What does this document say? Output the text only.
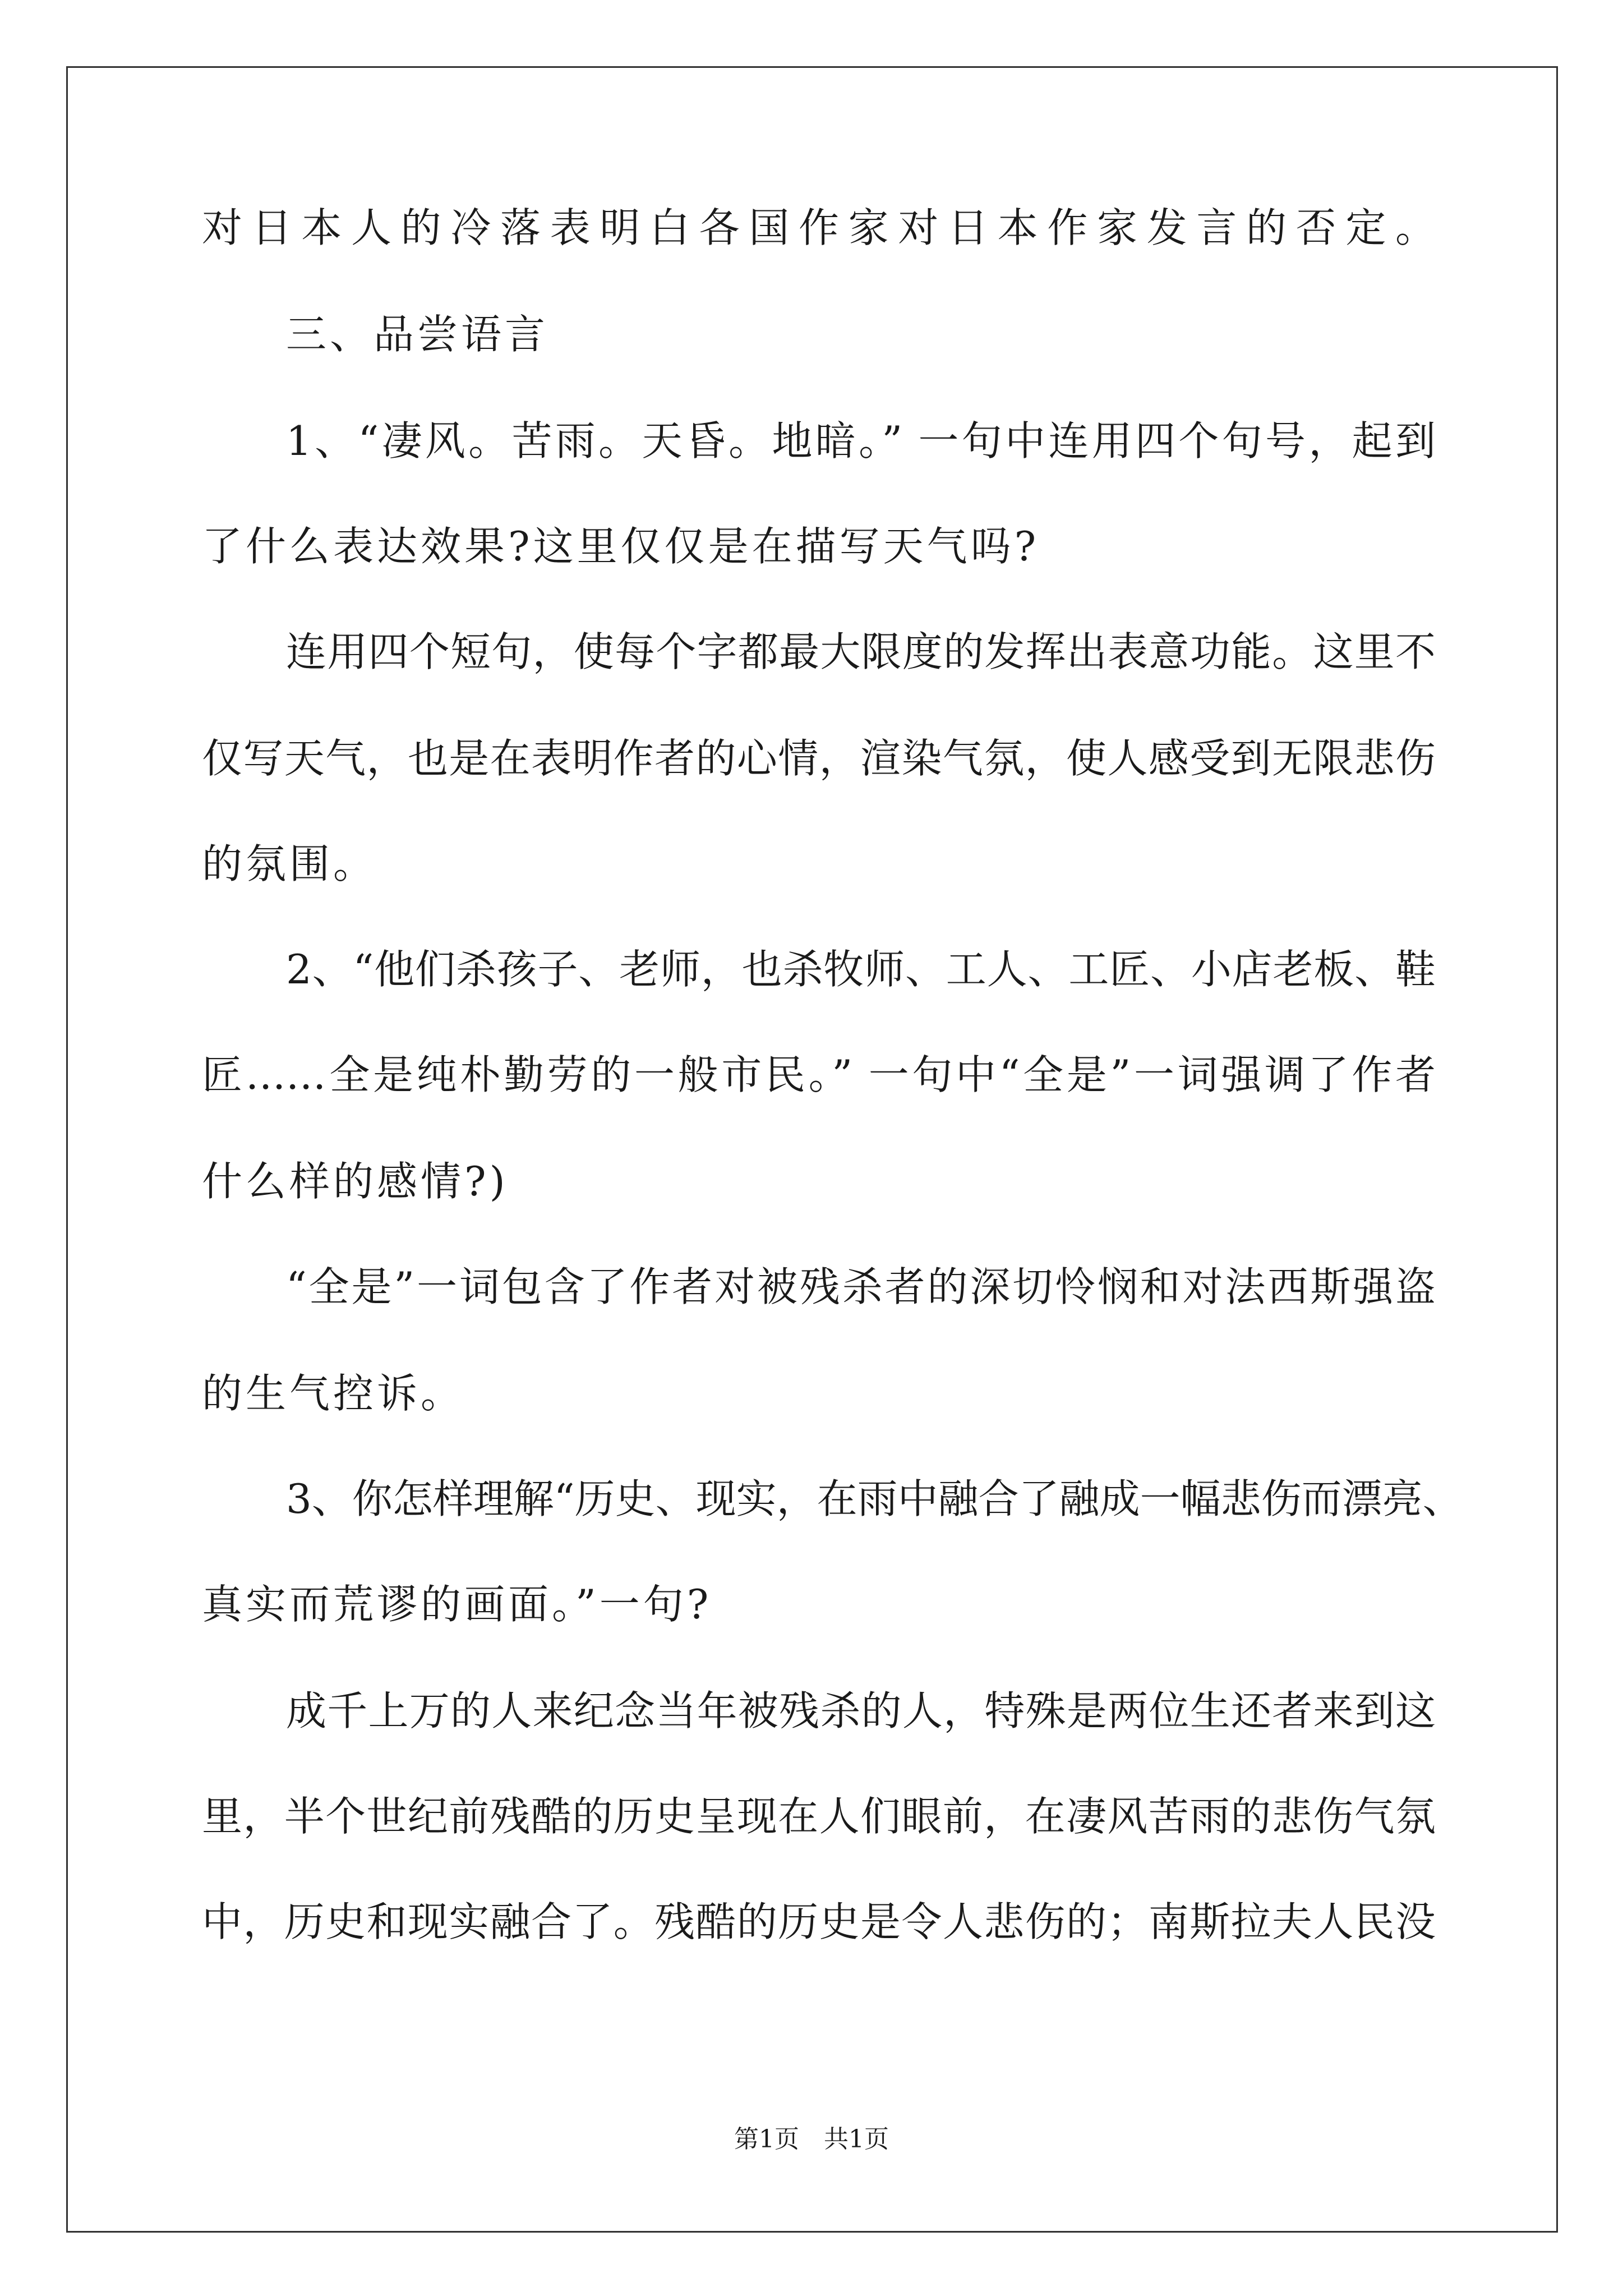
对日本人的冷落表明白各国作家对日本作家发言的否定。
三、品尝语言
1、“凄风。苦雨。天昏。地暗。” 一句中连用四个句号，起到
了什么表达效果?这里仅仅是在描写天气吗?
连用四个短句，使每个字都最大限度的发挥出表意功能。这里不
仅写天气，也是在表明作者的心情，渲染气氛，使人感受到无限悲伤
的氛围。
2、“他们杀孩子、老师，也杀牧师、工人、工匠、小店老板、鞋
匠……全是纯朴勤劳的一般市民。” 一句中“全是”一词强调了作者
什么样的感情?)
“全是”一词包含了作者对被残杀者的深切怜悯和对法西斯强盗
的生气控诉。
3、你怎样理解“历史、现实，在雨中融合了融成一幅悲伤而漂亮、
真实而荒谬的画面。”一句?
成千上万的人来纪念当年被残杀的人，特殊是两位生还者来到这
里，半个世纪前残酷的历史呈现在人们眼前，在凄风苦雨的悲伤气氛
中，历史和现实融合了。残酷的历史是令人悲伤的；南斯拉夫人民没
第1页　共1页
